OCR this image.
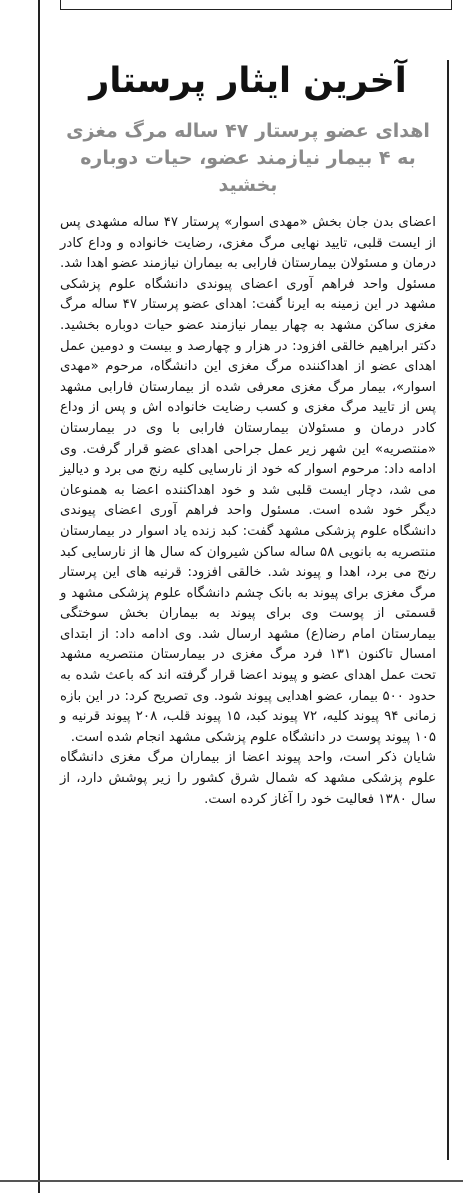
آخرین ایثار پرستار
اهدای عضو پرستار ۴۷ ساله مرگ مغزی به ۴ بیمار نیازمند عضو، حیات دوباره بخشید

اعضای بدن جان بخش «مهدی اسوار» پرستار ۴۷ ساله مشهدی پس از ایست قلبی، تایید نهایی مرگ مغزی، رضایت خانواده و وداع کادر درمان و مسئولان بیمارستان فارابی به بیماران نیازمند عضو اهدا شد. مسئول واحد فراهم آوری اعضای پیوندی دانشگاه علوم پزشکی مشهد در این زمینه به ایرنا گفت: اهدای عضو پرستار ۴۷ ساله مرگ مغزی ساکن مشهد به چهار بیمار نیازمند عضو حیات دوباره بخشید. دکتر ابراهیم خالقی افزود: در هزار و چهارصد و بیست و دومین عمل اهدای عضو از اهداکننده مرگ مغزی این دانشگاه، مرحوم «مهدی اسوار»، بیمار مرگ مغزی معرفی شده از بیمارستان فارابی مشهد پس از تایید مرگ مغزی و کسب رضایت خانواده اش و پس از وداع کادر درمان و مسئولان بیمارستان فارابی با وی در بیمارستان «منتصریه» این شهر زیر عمل جراحی اهدای عضو قرار گرفت. وی ادامه داد: مرحوم اسوار که خود از نارسایی کلیه رنج می برد و دیالیز می شد، دچار ایست قلبی شد و خود اهداکننده اعضا به همنوعان دیگر خود شده است. مسئول واحد فراهم آوری اعضای پیوندی دانشگاه علوم پزشکی مشهد گفت: کبد زنده یاد اسوار در بیمارستان منتصریه به بانویی ۵۸ ساله ساکن شیروان که سال ها از نارسایی کبد رنج می برد، اهدا و پیوند شد. خالقی افزود: قرنیه های این پرستار مرگ مغزی برای پیوند به بانک چشم دانشگاه علوم پزشکی مشهد و قسمتی از پوست وی برای پیوند به بیماران بخش سوختگی بیمارستان امام رضا(ع) مشهد ارسال شد. وی ادامه داد: از ابتدای امسال تاکنون ۱۳۱ فرد مرگ مغزی در بیمارستان منتصریه مشهد تحت عمل اهدای عضو و پیوند اعضا قرار گرفته اند که باعث شده به حدود ۵۰۰ بیمار، عضو اهدایی پیوند شود. وی تصریح کرد: در این بازه زمانی ۹۴ پیوند کلیه، ۷۲ پیوند کبد، ۱۵ پیوند قلب، ۲۰۸ پیوند قرنیه و ۱۰۵ پیوند پوست در دانشگاه علوم پزشکی مشهد انجام شده است.

شایان ذکر است، واحد پیوند اعضا از بیماران مرگ مغزی دانشگاه علوم پزشکی مشهد که شمال شرق کشور را زیر پوشش دارد، از سال ۱۳۸۰ فعالیت خود را آغاز کرده است.
